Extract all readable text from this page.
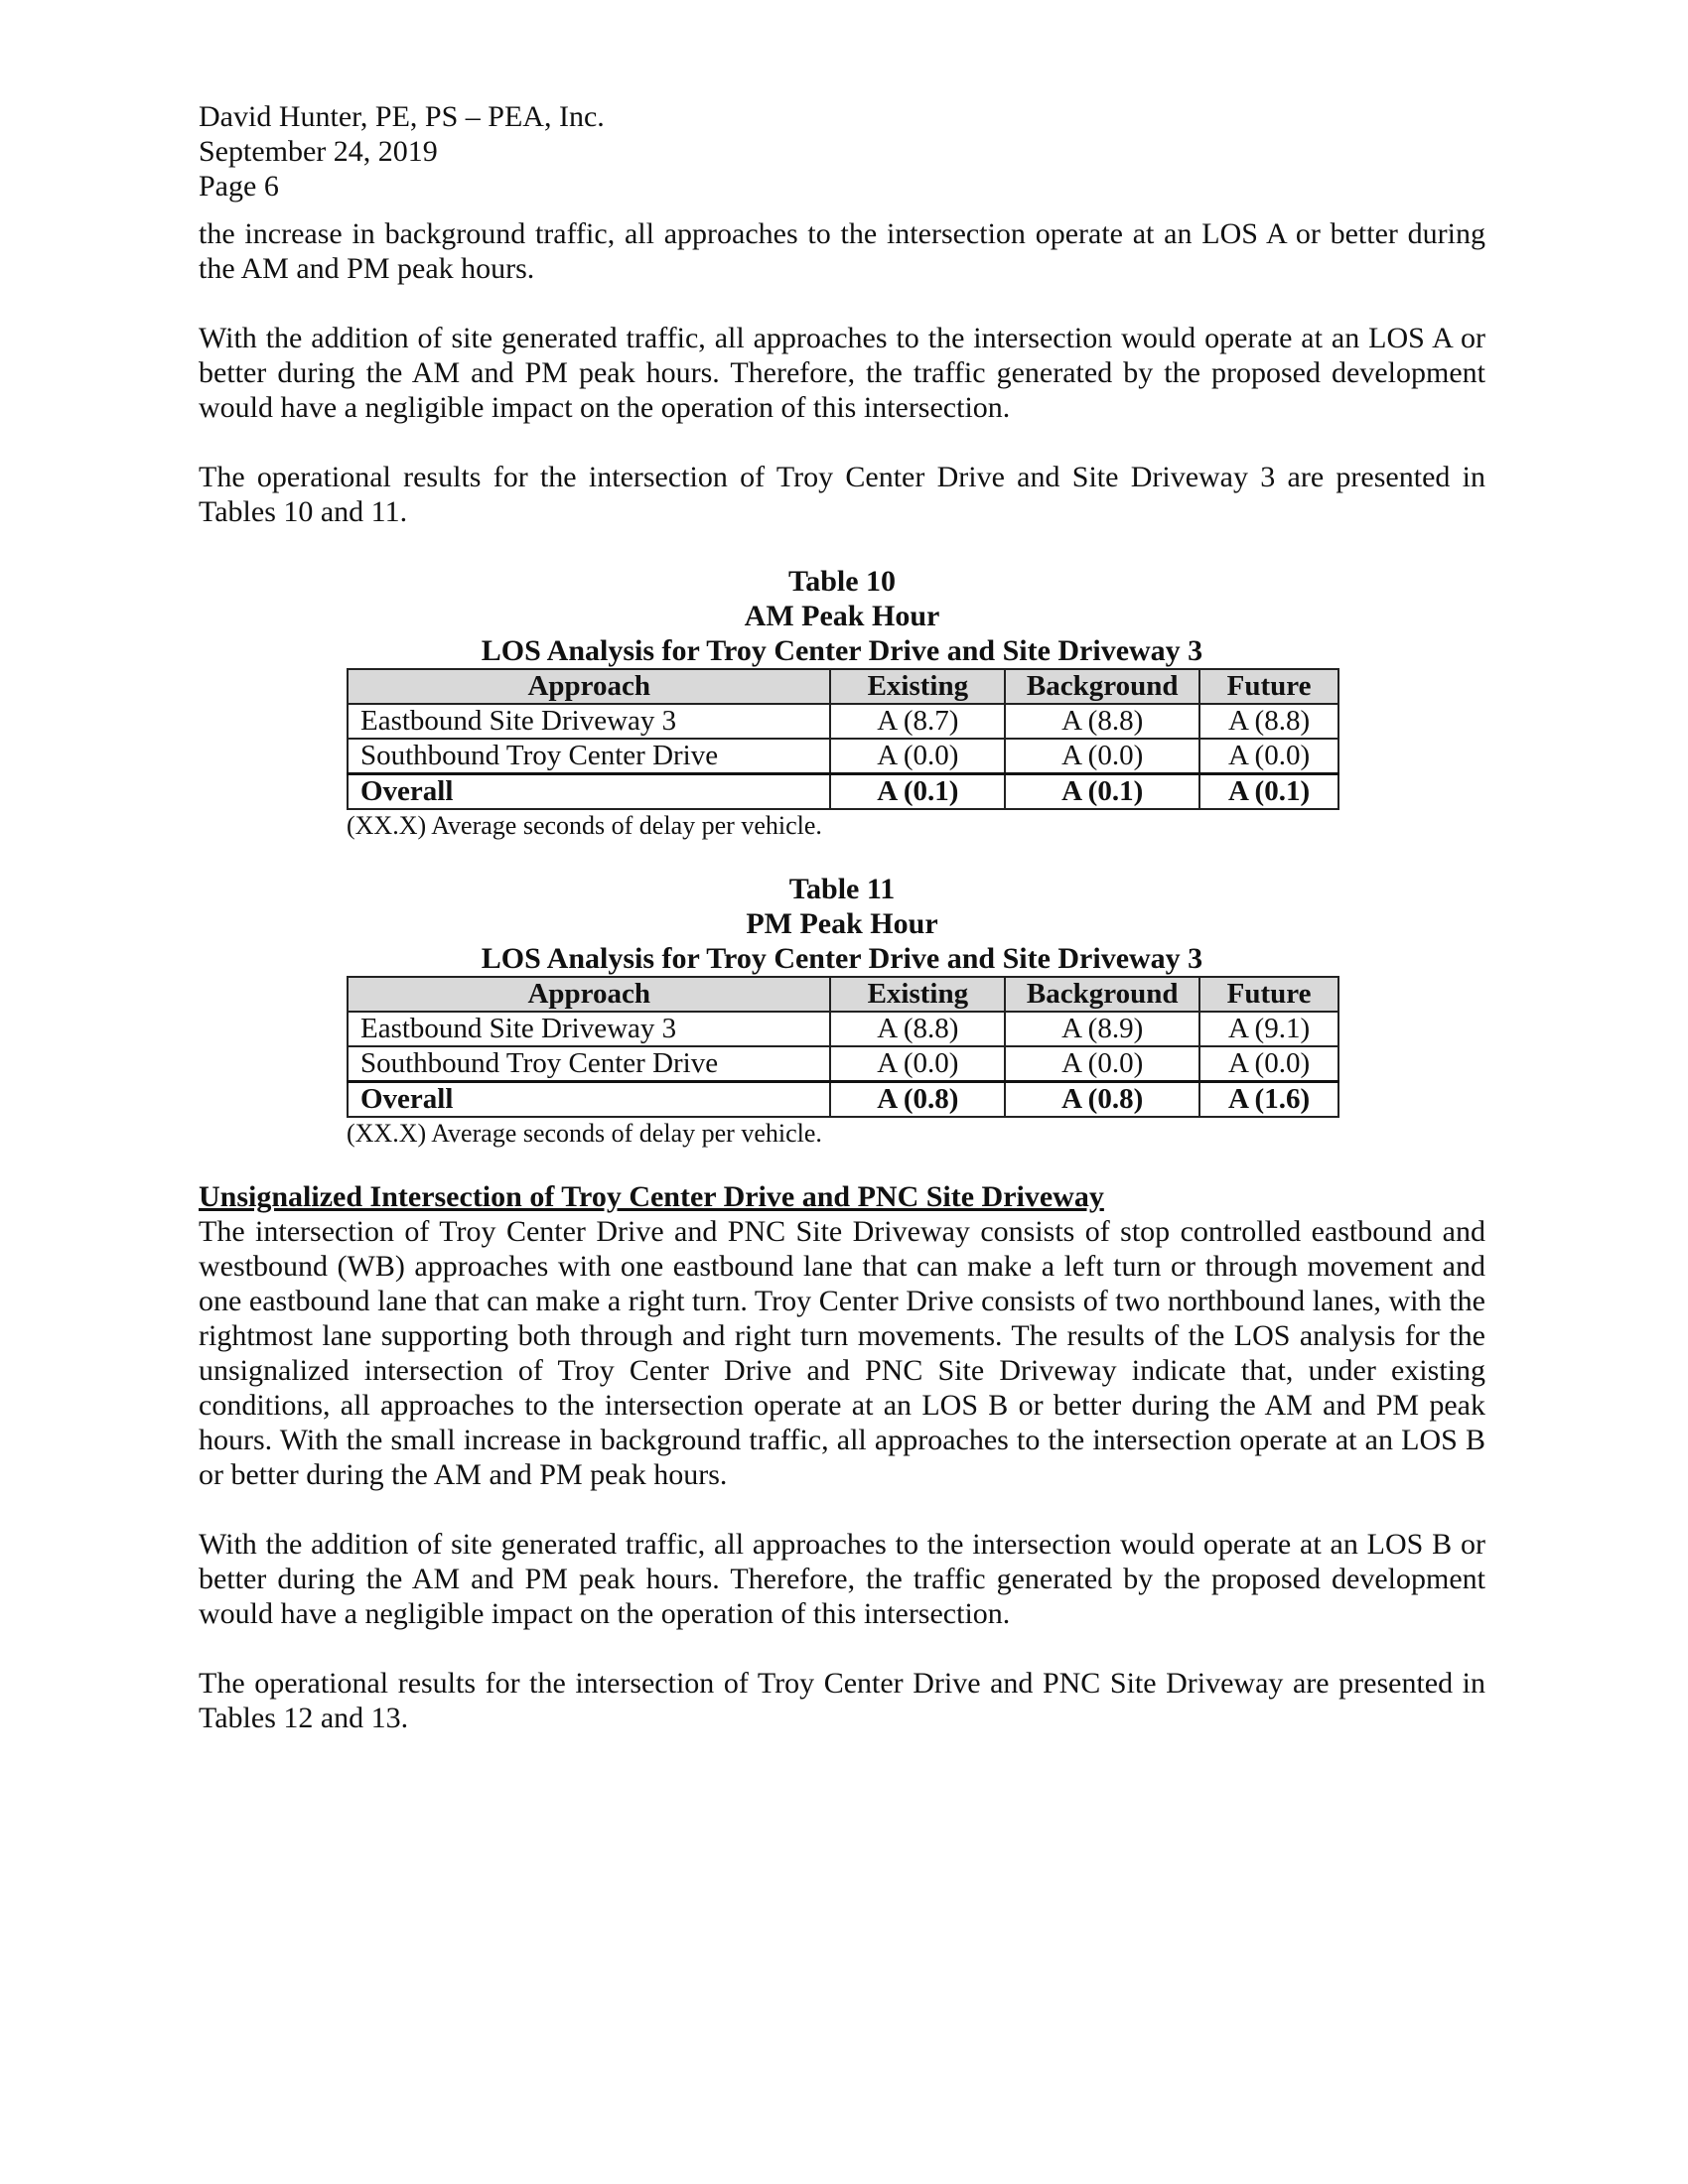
David Hunter, PE, PS – PEA, Inc.

September 24, 2019

Page 6

the increase in background traffic, all approaches to the intersection operate at an LOS A or better during the AM and PM peak hours.

With the addition of site generated traffic, all approaches to the intersection would operate at an LOS A or better during the AM and PM peak hours. Therefore, the traffic generated by the proposed development would have a negligible impact on the operation of this intersection.

The operational results for the intersection of Troy Center Drive and Site Driveway 3 are presented in Tables 10 and 11.

Table 10

AM Peak Hour

LOS Analysis for Troy Center Drive and Site Driveway 3

Approach	Existing	Background	Future
Eastbound Site Driveway 3	A (8.7)	A (8.8)	A (8.8)
Southbound Troy Center Drive	A (0.0)	A (0.0)	A (0.0)
Overall	A (0.1)	A (0.1)	A (0.1)

(XX.X) Average seconds of delay per vehicle.

Table 11

PM Peak Hour

LOS Analysis for Troy Center Drive and Site Driveway 3

Approach	Existing	Background	Future
Eastbound Site Driveway 3	A (8.8)	A (8.9)	A (9.1)
Southbound Troy Center Drive	A (0.0)	A (0.0)	A (0.0)
Overall	A (0.8)	A (0.8)	A (1.6)

(XX.X) Average seconds of delay per vehicle.

Unsignalized Intersection of Troy Center Drive and PNC Site Driveway

The intersection of Troy Center Drive and PNC Site Driveway consists of stop controlled eastbound and westbound (WB) approaches with one eastbound lane that can make a left turn or through movement and one eastbound lane that can make a right turn. Troy Center Drive consists of two northbound lanes, with the rightmost lane supporting both through and right turn movements. The results of the LOS analysis for the unsignalized intersection of Troy Center Drive and PNC Site Driveway indicate that, under existing conditions, all approaches to the intersection operate at an LOS B or better during the AM and PM peak hours. With the small increase in background traffic, all approaches to the intersection operate at an LOS B or better during the AM and PM peak hours.

With the addition of site generated traffic, all approaches to the intersection would operate at an LOS B or better during the AM and PM peak hours. Therefore, the traffic generated by the proposed development would have a negligible impact on the operation of this intersection.

The operational results for the intersection of Troy Center Drive and PNC Site Driveway are presented in Tables 12 and 13.
